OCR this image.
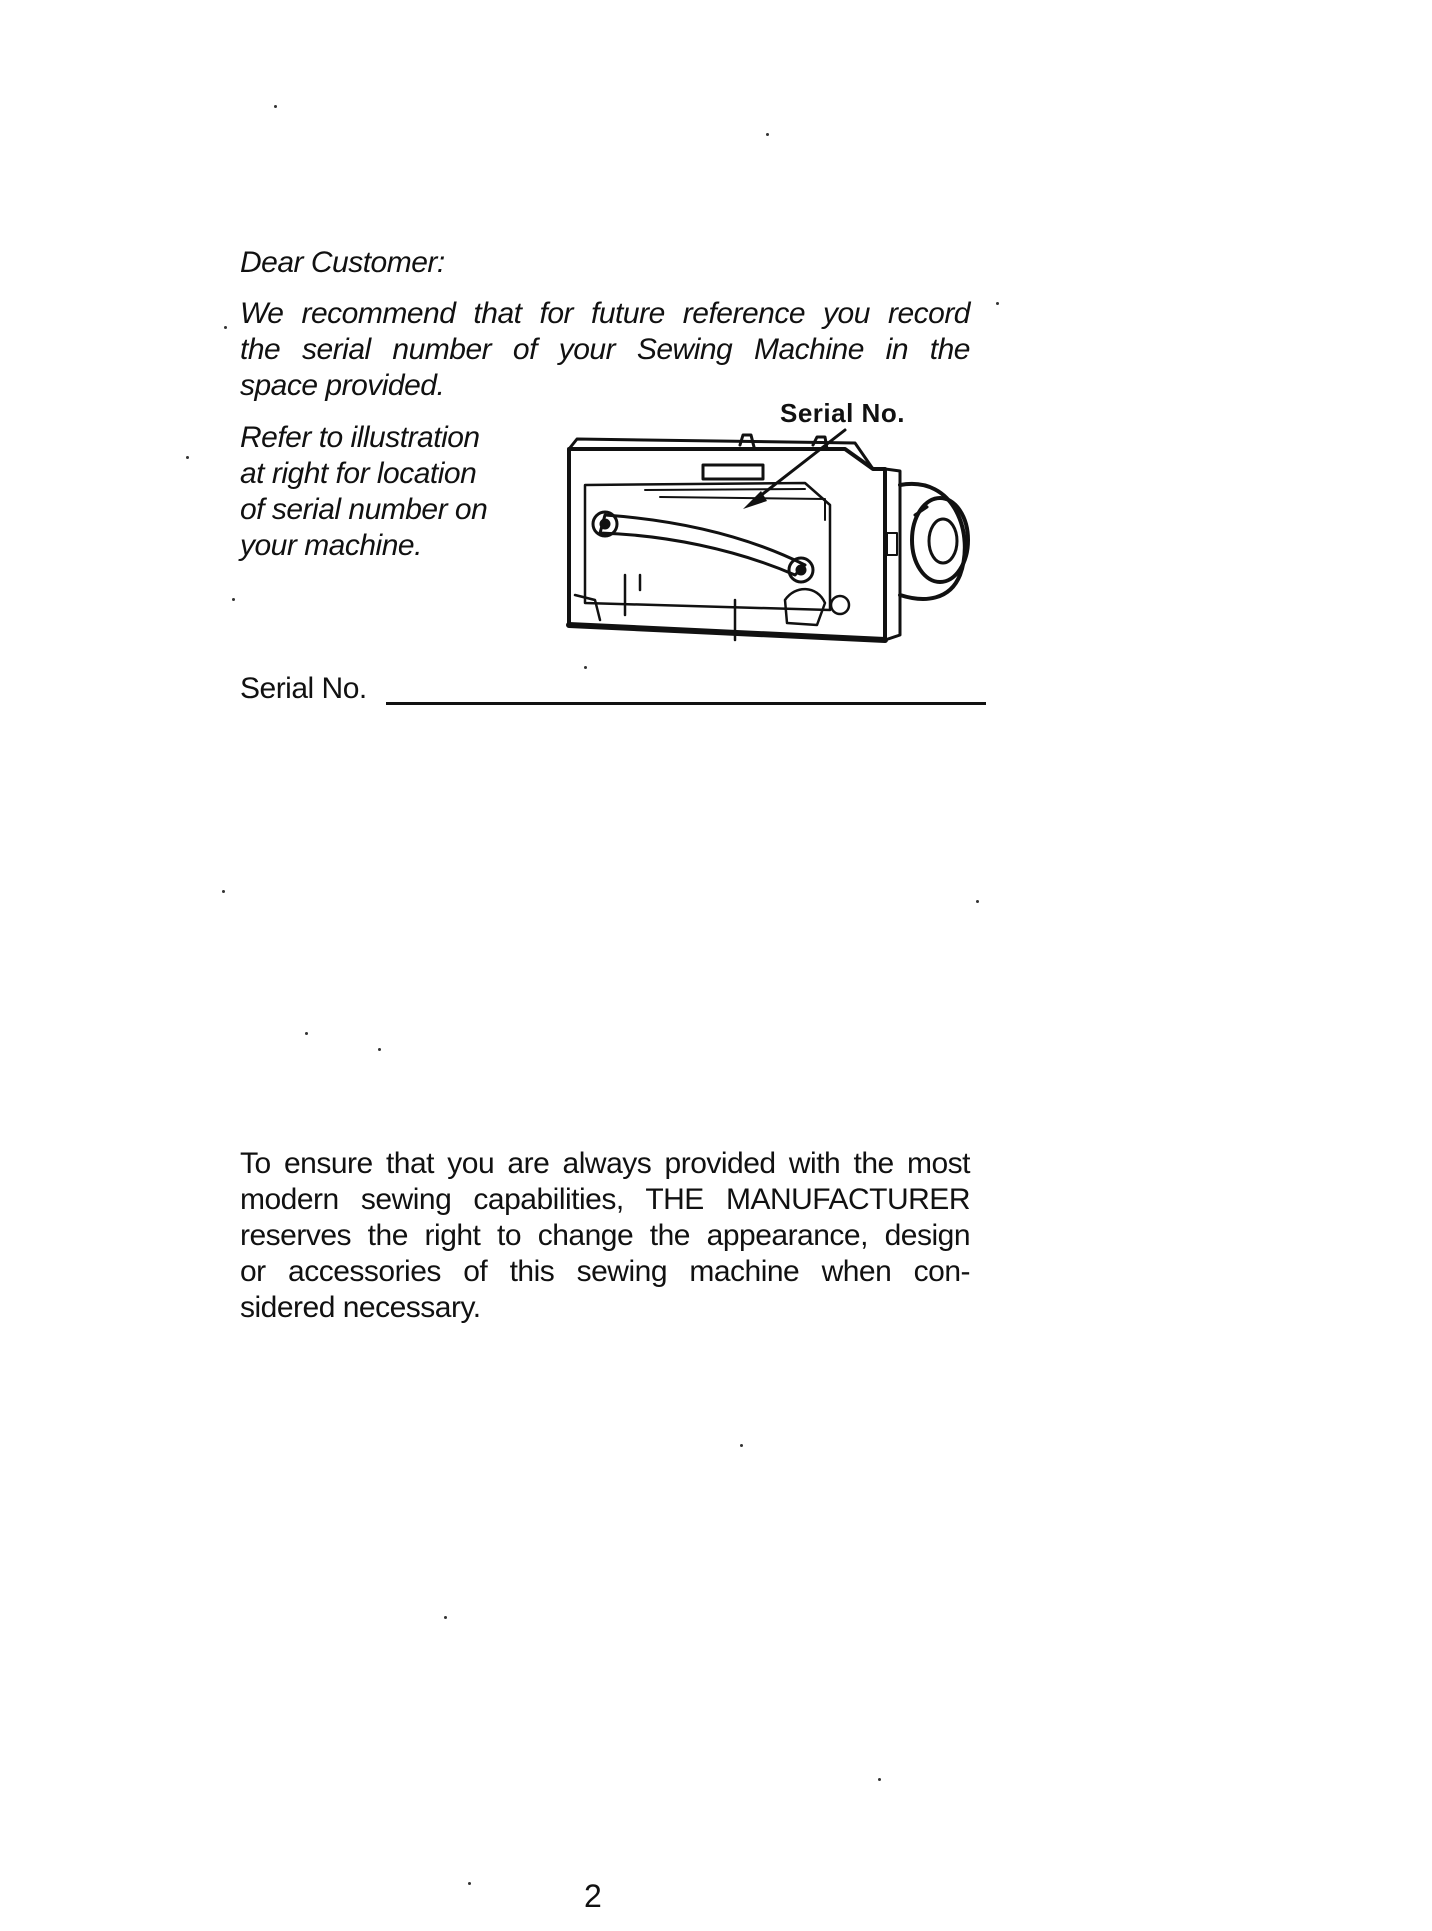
Dear Customer:
We recommend that for future reference you record
the serial number of your Sewing Machine in the
space provided.
Refer to illustration
at right for location
of serial number on
your machine.
Serial No.
Serial No.
To ensure that you are always provided with the most
modern sewing capabilities, THE MANUFACTURER
reserves the right to change the appearance, design
or accessories of this sewing machine when con-
sidered necessary.
2
